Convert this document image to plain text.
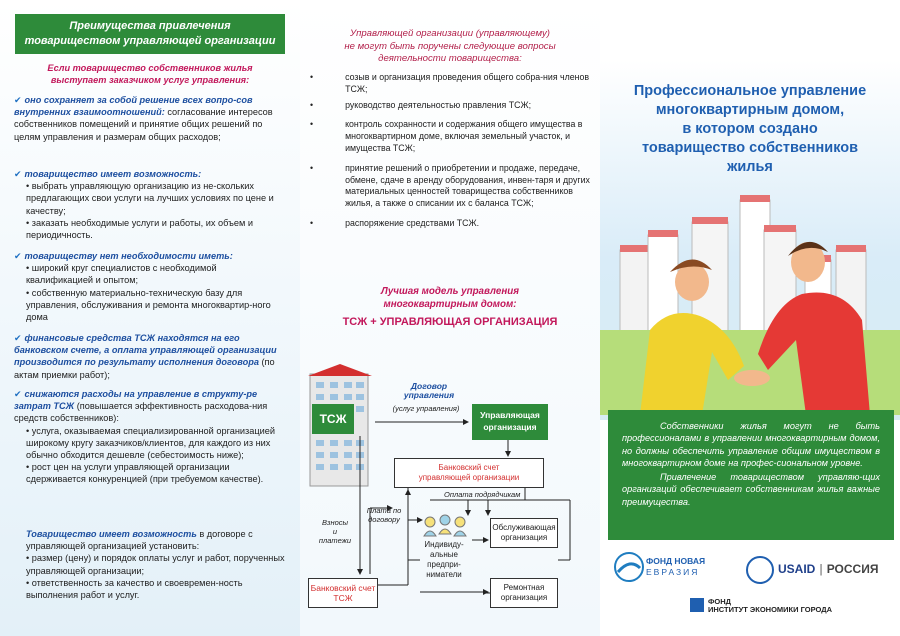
Преимущества привлечения
товариществом управляющей организации
Если товарищество собственников жилья
выступает заказчиком услуг управления:
✔ оно сохраняет за собой решение всех вопро-сов внутренних взаимоотношений: согласование интересов собственников помещений и принятие общих решений по целям управления и размерам общих расходов;
✔ товарищество имеет возможность:
• выбрать управляющую организацию из не-скольких предлагающих свои услуги на лучших условиях по цене и качеству;
• заказать необходимые услуги и работы, их объем и периодичность.
✔ товариществу нет необходимости иметь:
• широкий круг специалистов с необходимой квалификацией и опытом;
• собственную материально-техническую базу для управления, обслуживания и ремонта многоквартир-ного дома
✔ финансовые средства ТСЖ находятся на его банковском счете, а оплата управляющей организации производится по результату исполнения договора (по актам приемки работ);
✔ снижаются расходы на управление в структу-ре затрат ТСЖ (повышается эффективность расходова-ния средств собственников):
• услуга, оказываемая специализированной организацией широкому кругу заказчиков/клиентов, для каждого из них обычно обходится дешевле (себестоимость ниже);
• рост цен на услуги управляющей организации сдерживается конкуренцией (при требуемом качестве).
Товарищество имеет возможность в договоре с управляющей организацией установить:
• размер (цену) и порядок оплаты услуг и работ, порученных управляющей организации;
• ответственность за качество и своевремен-ность выполнения работ и услуг.
Управляющей организации (управляющему)
не могут быть поручены следующие вопросы
деятельности товарищества:
•	созыв и организация проведения общего собра-ния членов ТСЖ;
•	руководство деятельностью правления ТСЖ;
•	контроль сохранности и содержания общего имущества в многоквартирном доме, включая земельный участок, и имущества ТСЖ;
•	принятие решений о приобретении и продаже, передаче, обмене, сдаче в аренду оборудования, инвен-таря и других материальных ценностей товарищества собственников жилья, а также о списании их с баланса ТСЖ;
•	распоряжение средствами ТСЖ.
Лучшая модель управления
многоквартирным домом:
ТСЖ + УПРАВЛЯЮЩАЯ ОРГАНИЗАЦИЯ
ТСЖ
Договор
управления
(услуг управления)
Управляющая
организация
Банковский счет
управляющей организации
Оплата подрядчикам
Взносы
и
платежи
Плата по
договору
Индивиду-
альные
предпри-
ниматели
Обслуживающая
организация
Ремонтная
организация
Банковский счет
ТСЖ
Профессиональное управление
многоквартирным домом,
в котором создано
товарищество собственников
жилья
Собственники жилья могут не быть профессионалами в управлении многоквартирным домом, но должны обеспечить управление общим имуществом в многоквартирном доме на профес-сиональном уровне.
Привлечение товариществом управляю-щих организаций обеспечивает собственникам жилья важные преимущества.
ФОНД НОВАЯ
ЕВРАЗИЯ	USAID | РОССИЯ
ФОНД
ИНСТИТУТ ЭКОНОМИКИ ГОРОДА
